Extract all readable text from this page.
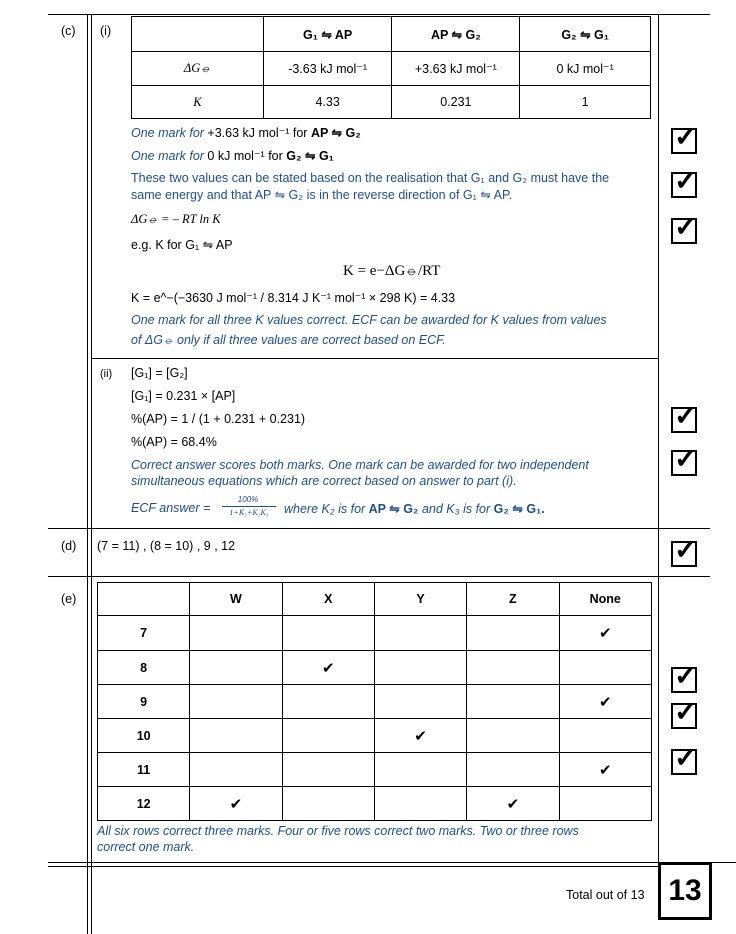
(c) (i)
(ii)
(d)
(e)
	G₁ ⇋ AP	AP ⇋ G₂	G₂ ⇋ G₁
ΔG⦵	-3.63 kJ mol⁻¹	+3.63 kJ mol⁻¹	0 kJ mol⁻¹
K	4.33	0.231	1
One mark for +3.63 kJ mol⁻¹ for AP ⇋ G₂
One mark for 0 kJ mol⁻¹ for G₂ ⇋ G₁
These two values can be stated based on the realisation that G₁ and G₂ must have the
same energy and that AP ⇋ G₂ is in the reverse direction of G₁ ⇋ AP.
ΔG⦵ = – RT ln K
e.g. K for G₁ ⇋ AP
K = e−ΔG⦵/RT
K = e^−(−3630 J mol⁻¹ / 8.314 J K⁻¹ mol⁻¹ × 298 K) = 4.33
One mark for all three K values correct. ECF can be awarded for K values from values
of ΔG⦵ only if all three values are correct based on ECF.
[G₁] = [G₂]
[G₁] = 0.231 × [AP]
%(AP) = 1 / (1 + 0.231 + 0.231)
%(AP) = 68.4%
Correct answer scores both marks. One mark can be awarded for two independent
simultaneous equations which are correct based on answer to part (i).
ECF answer =
100%
1+K₂+K₂K₃	where K₂ is for AP ⇋ G₂ and K₃ is for G₂ ⇋ G₁.
(7 = 11) , (8 = 10) , 9 , 12
	W	X	Y	Z	None
7					✔
8		✔			
9					✔
10			✔		
11					✔
12	✔			✔	
All six rows correct three marks. Four or five rows correct two marks. Two or three rows
correct one mark.
Total out of 13 13
✓
✓
✓
✓
✓
✓
✓
✓
✓
